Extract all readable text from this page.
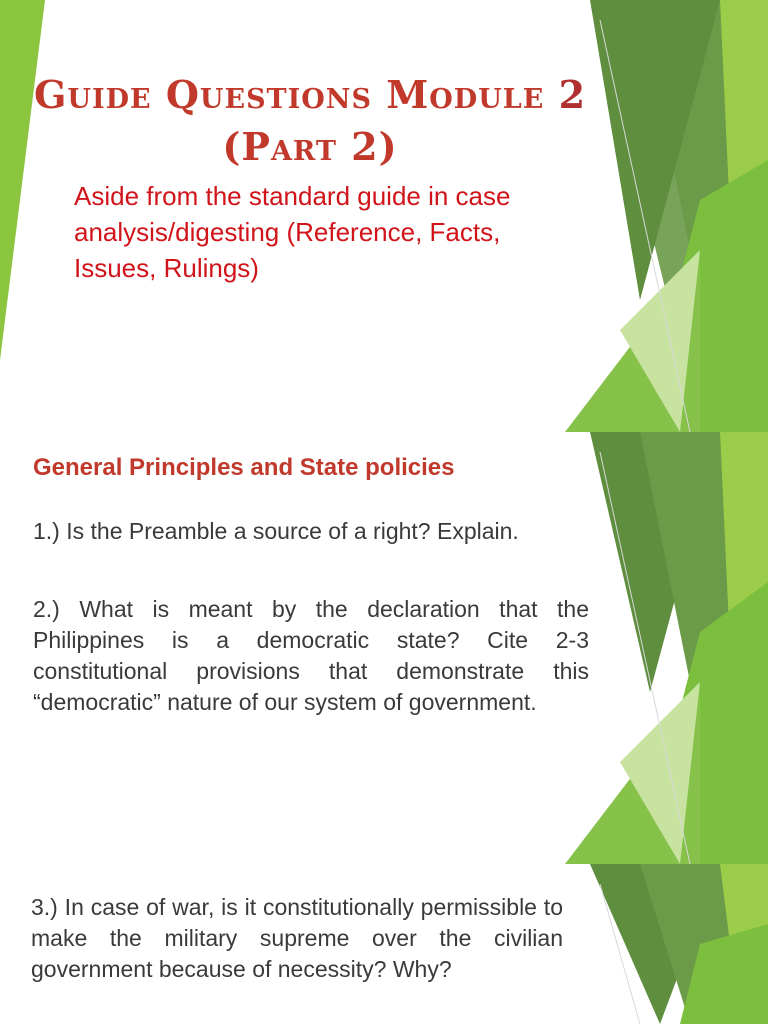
Guide Questions Module 2
(Part 2)
Aside from the standard guide in case analysis/digesting (Reference, Facts, Issues, Rulings)
General Principles and State policies
1.) Is the Preamble a source of a right? Explain.
2.) What is meant by the declaration that the Philippines is a democratic state? Cite 2-3 constitutional provisions that demonstrate this “democratic” nature of our system of government.
3.) In case of war, is it constitutionally permissible to make the military supreme over the civilian government because of necessity? Why?
